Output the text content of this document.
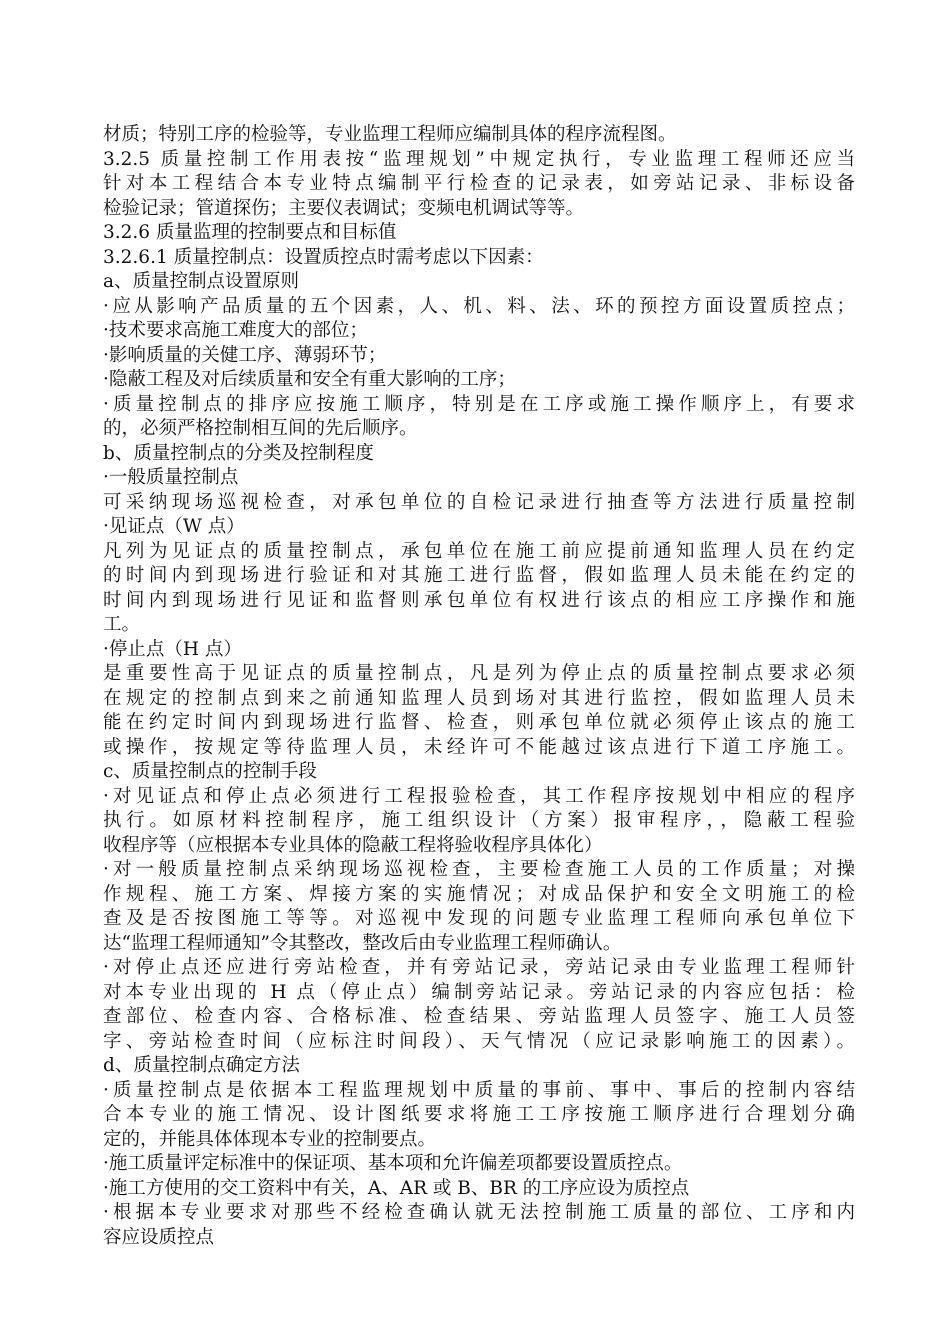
材质；特别工序的检验等，专业监理工程师应编制具体的程序流程图。
3.2.5 质量控制工作用表按“监理规划”中规定执行，专业监理工程师还应当
针对本工程结合本专业特点编制平行检查的记录表，如旁站记录、非标设备
检验记录；管道探伤；主要仪表调试；变频电机调试等等。
3.2.6 质量监理的控制要点和目标值
3.2.6.1 质量控制点：设置质控点时需考虑以下因素：
a、质量控制点设置原则
·应从影响产品质量的五个因素，人、机、料、法、环的预控方面设置质控点；
·技术要求高施工难度大的部位；
·影响质量的关健工序、薄弱环节；
·隐蔽工程及对后续质量和安全有重大影响的工序；
·质量控制点的排序应按施工顺序，特别是在工序或施工操作顺序上，有要求
的，必须严格控制相互间的先后顺序。
b、质量控制点的分类及控制程度
·一般质量控制点
可采纳现场巡视检查，对承包单位的自检记录进行抽查等方法进行质量控制
·见证点（W 点）
凡列为见证点的质量控制点，承包单位在施工前应提前通知监理人员在约定
的时间内到现场进行验证和对其施工进行监督，假如监理人员未能在约定的
时间内到现场进行见证和监督则承包单位有权进行该点的相应工序操作和施
工。
·停止点（H 点）
是重要性高于见证点的质量控制点，凡是列为停止点的质量控制点要求必须
在规定的控制点到来之前通知监理人员到场对其进行监控，假如监理人员未
能在约定时间内到现场进行监督、检查，则承包单位就必须停止该点的施工
或操作，按规定等待监理人员，未经许可不能越过该点进行下道工序施工。
c、质量控制点的控制手段
·对见证点和停止点必须进行工程报验检查，其工作程序按规划中相应的程序
执行。如原材料控制程序，施工组织设计（方案）报审程序，，隐蔽工程验
收程序等（应根据本专业具体的隐蔽工程将验收程序具体化）
·对一般质量控制点采纳现场巡视检查，主要检查施工人员的工作质量；对操
作规程、施工方案、焊接方案的实施情况；对成品保护和安全文明施工的检
查及是否按图施工等等。对巡视中发现的问题专业监理工程师向承包单位下
达“监理工程师通知”令其整改，整改后由专业监理工程师确认。
·对停止点还应进行旁站检查，并有旁站记录，旁站记录由专业监理工程师针
对本专业出现的 H 点（停止点）编制旁站记录。旁站记录的内容应包括：检
查部位、检查内容、合格标准、检查结果、旁站监理人员签字、施工人员签
字、旁站检查时间（应标注时间段）、天气情况（应记录影响施工的因素）。
d、质量控制点确定方法
·质量控制点是依据本工程监理规划中质量的事前、事中、事后的控制内容结
合本专业的施工情况、设计图纸要求将施工工序按施工顺序进行合理划分确
定的，并能具体体现本专业的控制要点。
·施工质量评定标准中的保证项、基本项和允许偏差项都要设置质控点。
·施工方使用的交工资料中有关，A、AR 或 B、BR 的工序应设为质控点
·根据本专业要求对那些不经检查确认就无法控制施工质量的部位、工序和内
容应设质控点
